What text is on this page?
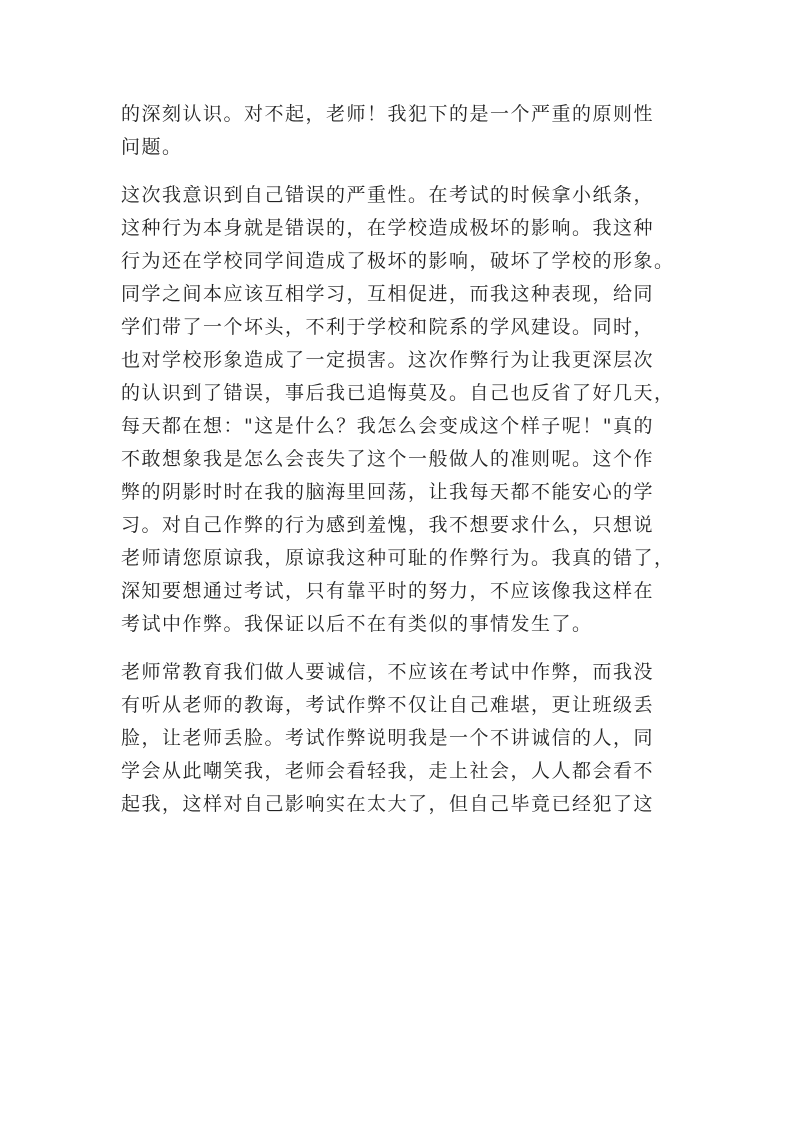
的深刻认识。对不起，老师！我犯下的是一个严重的原则性
问题。
这次我意识到自己错误的严重性。在考试的时候拿小纸条，
这种行为本身就是错误的，在学校造成极坏的影响。我这种
行为还在学校同学间造成了极坏的影响，破坏了学校的形象。
同学之间本应该互相学习，互相促进，而我这种表现，给同
学们带了一个坏头，不利于学校和院系的学风建设。同时，
也对学校形象造成了一定损害。这次作弊行为让我更深层次
的认识到了错误，事后我已追悔莫及。自己也反省了好几天，
每天都在想："这是什么？我怎么会变成这个样子呢！"真的
不敢想象我是怎么会丧失了这个一般做人的准则呢。这个作
弊的阴影时时在我的脑海里回荡，让我每天都不能安心的学
习。对自己作弊的行为感到羞愧，我不想要求什么，只想说
老师请您原谅我，原谅我这种可耻的作弊行为。我真的错了，
深知要想通过考试，只有靠平时的努力，不应该像我这样在
考试中作弊。我保证以后不在有类似的事情发生了。
老师常教育我们做人要诚信，不应该在考试中作弊，而我没
有听从老师的教诲，考试作弊不仅让自己难堪，更让班级丢
脸，让老师丢脸。考试作弊说明我是一个不讲诚信的人，同
学会从此嘲笑我，老师会看轻我，走上社会，人人都会看不
起我，这样对自己影响实在太大了，但自己毕竟已经犯了这
